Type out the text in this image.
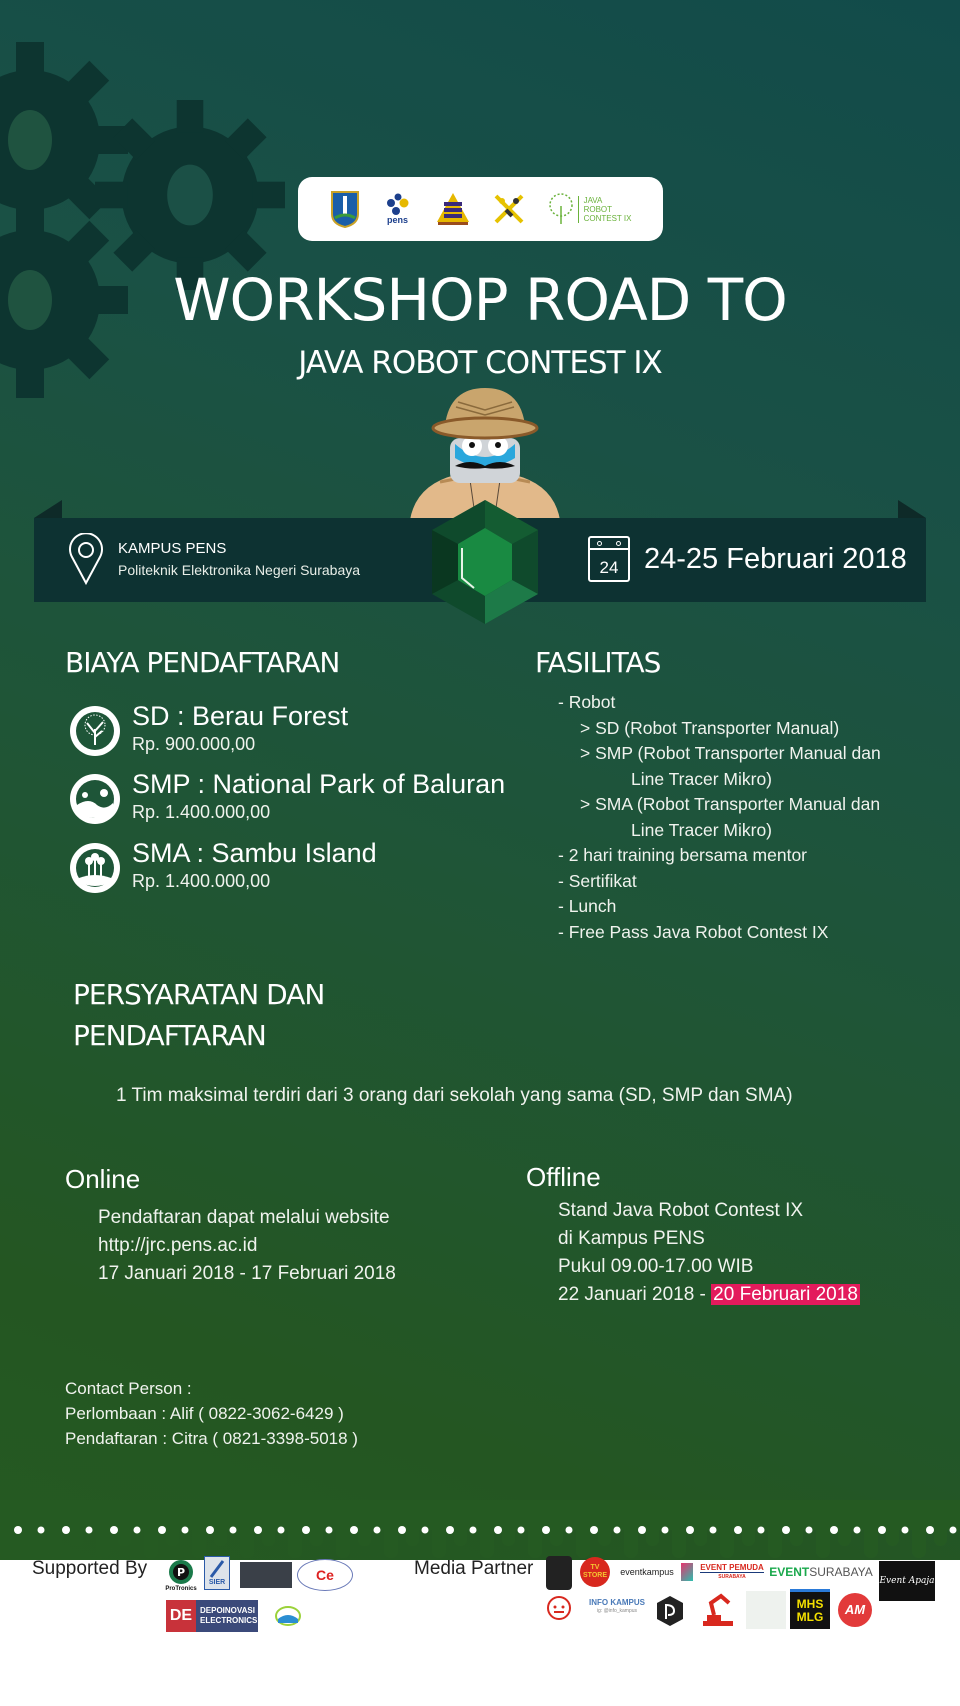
pens
JAVA
ROBOT
CONTEST IX
WORKSHOP ROAD TO
JAVA ROBOT CONTEST IX
KAMPUS PENS
Politeknik Elektronika Negeri Surabaya	24 24-25 Februari 2018
BIAYA PENDAFTARAN
SD : Berau Forest
Rp. 900.000,00
SMP : National Park of Baluran
Rp. 1.400.000,00
SMA : Sambu Island
Rp. 1.400.000,00
FASILITAS
- Robot
> SD (Robot Transporter Manual)
> SMP (Robot Transporter Manual dan
Line Tracer Mikro)
> SMA (Robot Transporter Manual dan
Line Tracer Mikro)
- 2 hari training bersama mentor
- Sertifikat
- Lunch
- Free Pass Java Robot Contest IX
PERSYARATAN DAN
PENDAFTARAN
1 Tim maksimal terdiri dari 3 orang dari sekolah yang sama (SD, SMP dan SMA)
Online
Pendaftaran dapat melalui website
http://jrc.pens.ac.id
17 Januari 2018 - 17 Februari 2018
Offline
Stand Java Robot Contest IX
di Kampus PENS
Pukul 09.00-17.00 WIB
22 Januari 2018 - 20 Februari 2018
Contact Person :
Perlombaan : Alif ( 0822-3062-6429 )
Pendaftaran : Citra ( 0821-3398-5018 )
Supported By	P
ProTronics
SIER	Ce
DE DEPOINOVASI
ELECTRONICS
Media Partner	TV STORE	eventkampus	EVENT PEMUDA
SURABAYA EVENT SURABAYA
Event Apaja
INFO KAMPUS
ig: @info_kampus
MHS
MLG AM
